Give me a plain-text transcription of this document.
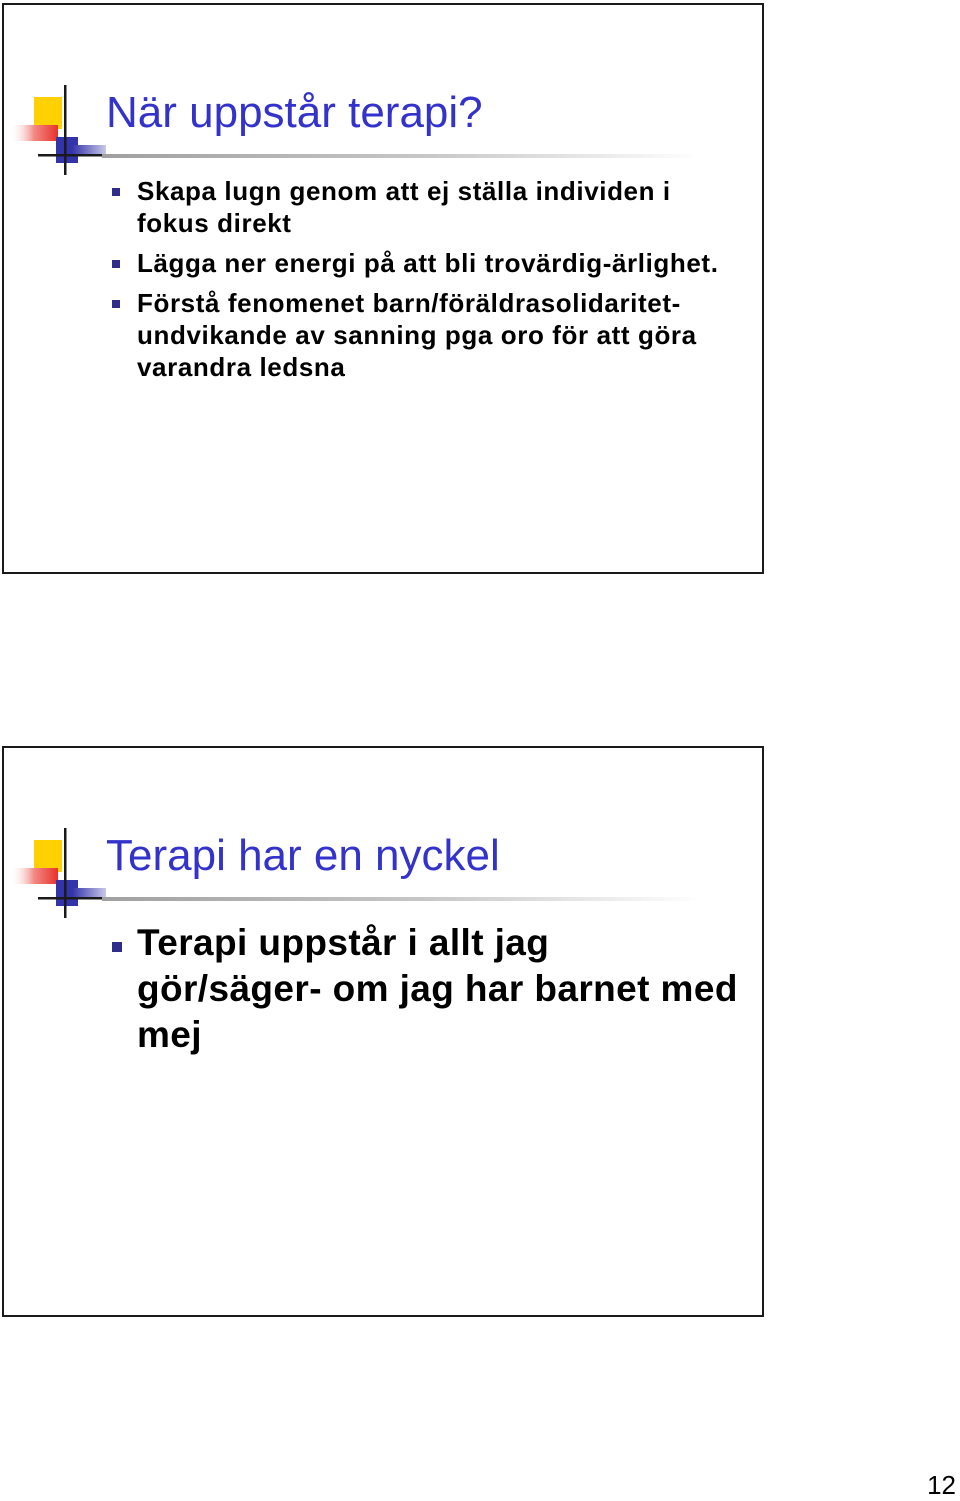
När uppstår terapi?
Skapa lugn genom att ej ställa individen i fokus direkt
Lägga ner energi på att bli trovärdig-ärlighet.
Förstå fenomenet barn/föräldrasolidaritet- undvikande av sanning pga oro för att göra varandra ledsna
Terapi har en nyckel
Terapi uppstår i allt jag gör/säger- om jag har barnet med mej
12
